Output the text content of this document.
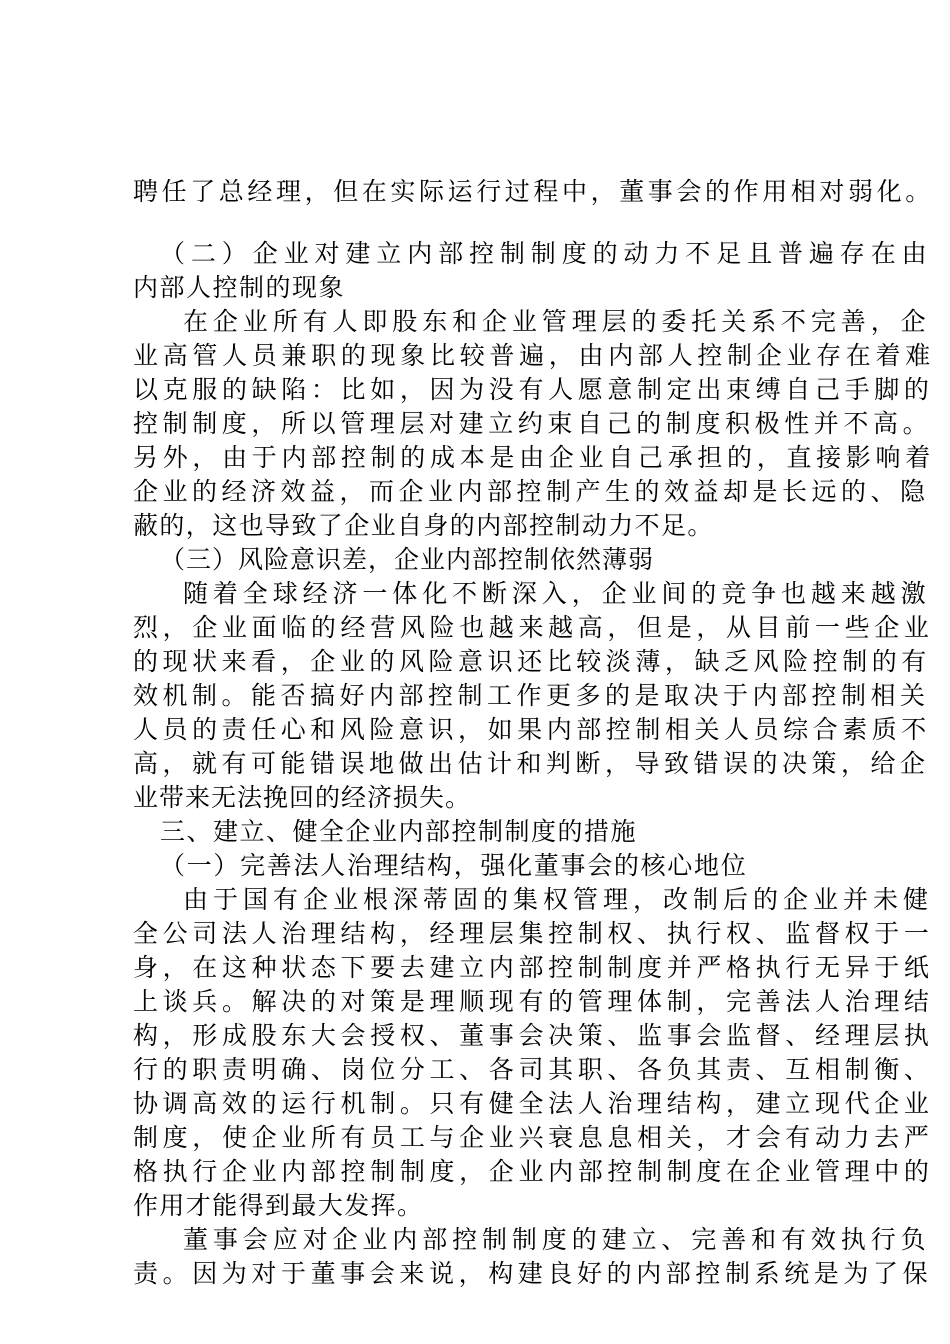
聘任了总经理，但在实际运行过程中，董事会的作用相对弱化。
（二）企业对建立内部控制制度的动力不足且普遍存在由
内部人控制的现象
在企业所有人即股东和企业管理层的委托关系不完善，企
业高管人员兼职的现象比较普遍，由内部人控制企业存在着难
以克服的缺陷：比如，因为没有人愿意制定出束缚自己手脚的
控制制度，所以管理层对建立约束自己的制度积极性并不高。
另外，由于内部控制的成本是由企业自己承担的，直接影响着
企业的经济效益，而企业内部控制产生的效益却是长远的、隐
蔽的，这也导致了企业自身的内部控制动力不足。
（三）风险意识差，企业内部控制依然薄弱
随着全球经济一体化不断深入，企业间的竞争也越来越激
烈，企业面临的经营风险也越来越高，但是，从目前一些企业
的现状来看，企业的风险意识还比较淡薄，缺乏风险控制的有
效机制。能否搞好内部控制工作更多的是取决于内部控制相关
人员的责任心和风险意识，如果内部控制相关人员综合素质不
高，就有可能错误地做出估计和判断，导致错误的决策，给企
业带来无法挽回的经济损失。
三、建立、健全企业内部控制制度的措施
（一）完善法人治理结构，强化董事会的核心地位
由于国有企业根深蒂固的集权管理，改制后的企业并未健
全公司法人治理结构，经理层集控制权、执行权、监督权于一
身，在这种状态下要去建立内部控制制度并严格执行无异于纸
上谈兵。解决的对策是理顺现有的管理体制，完善法人治理结
构，形成股东大会授权、董事会决策、监事会监督、经理层执
行的职责明确、岗位分工、各司其职、各负其责、互相制衡、
协调高效的运行机制。只有健全法人治理结构，建立现代企业
制度，使企业所有员工与企业兴衰息息相关，才会有动力去严
格执行企业内部控制制度，企业内部控制制度在企业管理中的
作用才能得到最大发挥。
董事会应对企业内部控制制度的建立、完善和有效执行负
责。因为对于董事会来说，构建良好的内部控制系统是为了保
